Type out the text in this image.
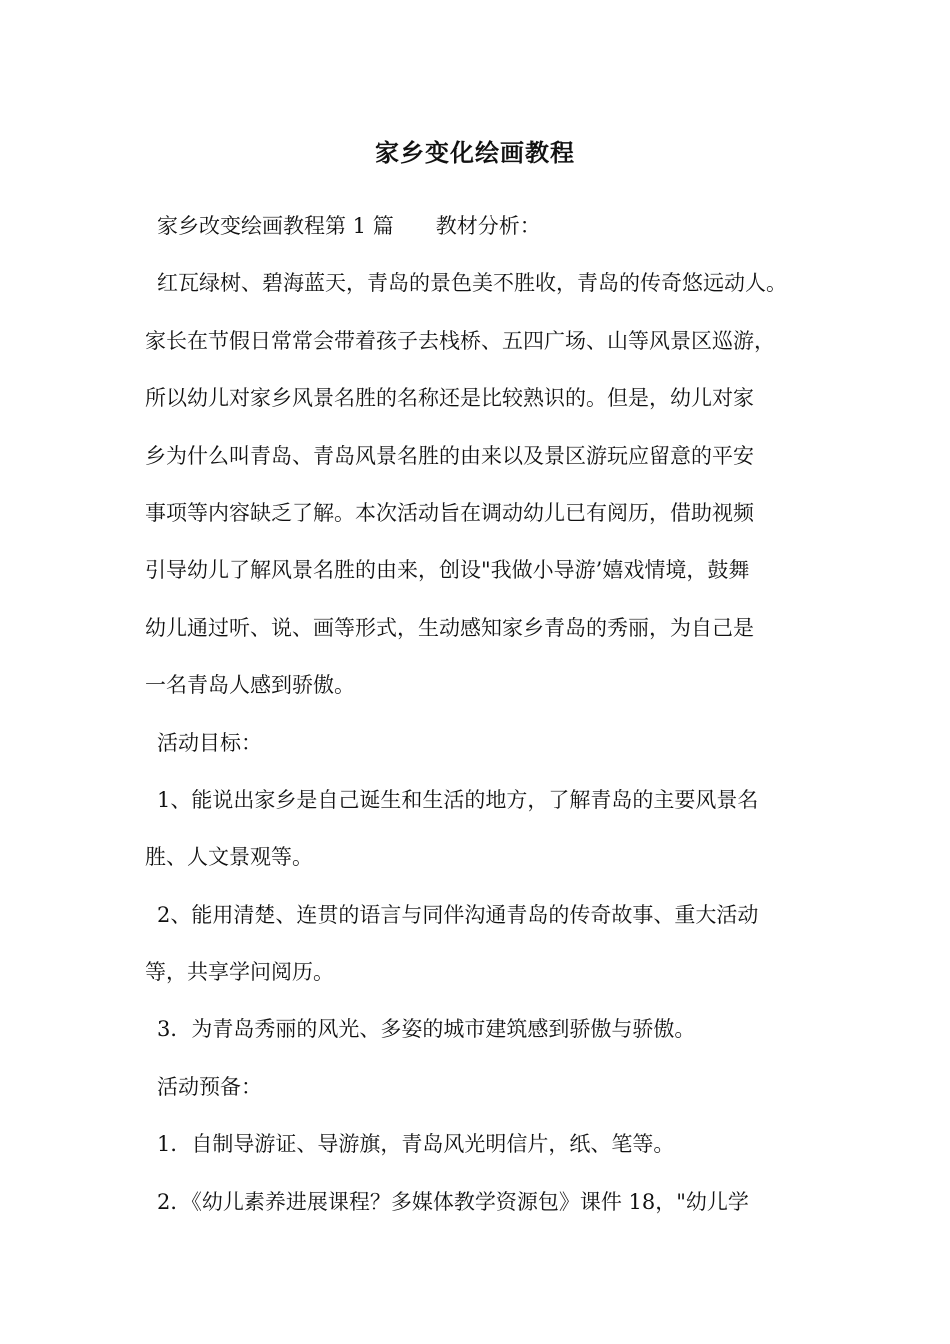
家乡变化绘画教程
家乡改变绘画教程第 1 篇　　教材分析：
红瓦绿树、碧海蓝天，青岛的景色美不胜收，青岛的传奇悠远动人。
家长在节假日常常会带着孩子去栈桥、五四广场、山等风景区巡游，
所以幼儿对家乡风景名胜的名称还是比较熟识的。但是，幼儿对家
乡为什么叫青岛、青岛风景名胜的由来以及景区游玩应留意的平安
事项等内容缺乏了解。本次活动旨在调动幼儿已有阅历，借助视频
引导幼儿了解风景名胜的由来，创设"我做小导游’嬉戏情境，鼓舞
幼儿通过听、说、画等形式，生动感知家乡青岛的秀丽，为自己是
一名青岛人感到骄傲。
活动目标：
1、能说出家乡是自己诞生和生活的地方，了解青岛的主要风景名
胜、人文景观等。
2、能用清楚、连贯的语言与同伴沟通青岛的传奇故事、重大活动
等，共享学问阅历。
3．为青岛秀丽的风光、多姿的城市建筑感到骄傲与骄傲。
活动预备：
1．自制导游证、导游旗，青岛风光明信片，纸、笔等。
2．《幼儿素养进展课程？多媒体教学资源包》课件 18，"幼儿学
